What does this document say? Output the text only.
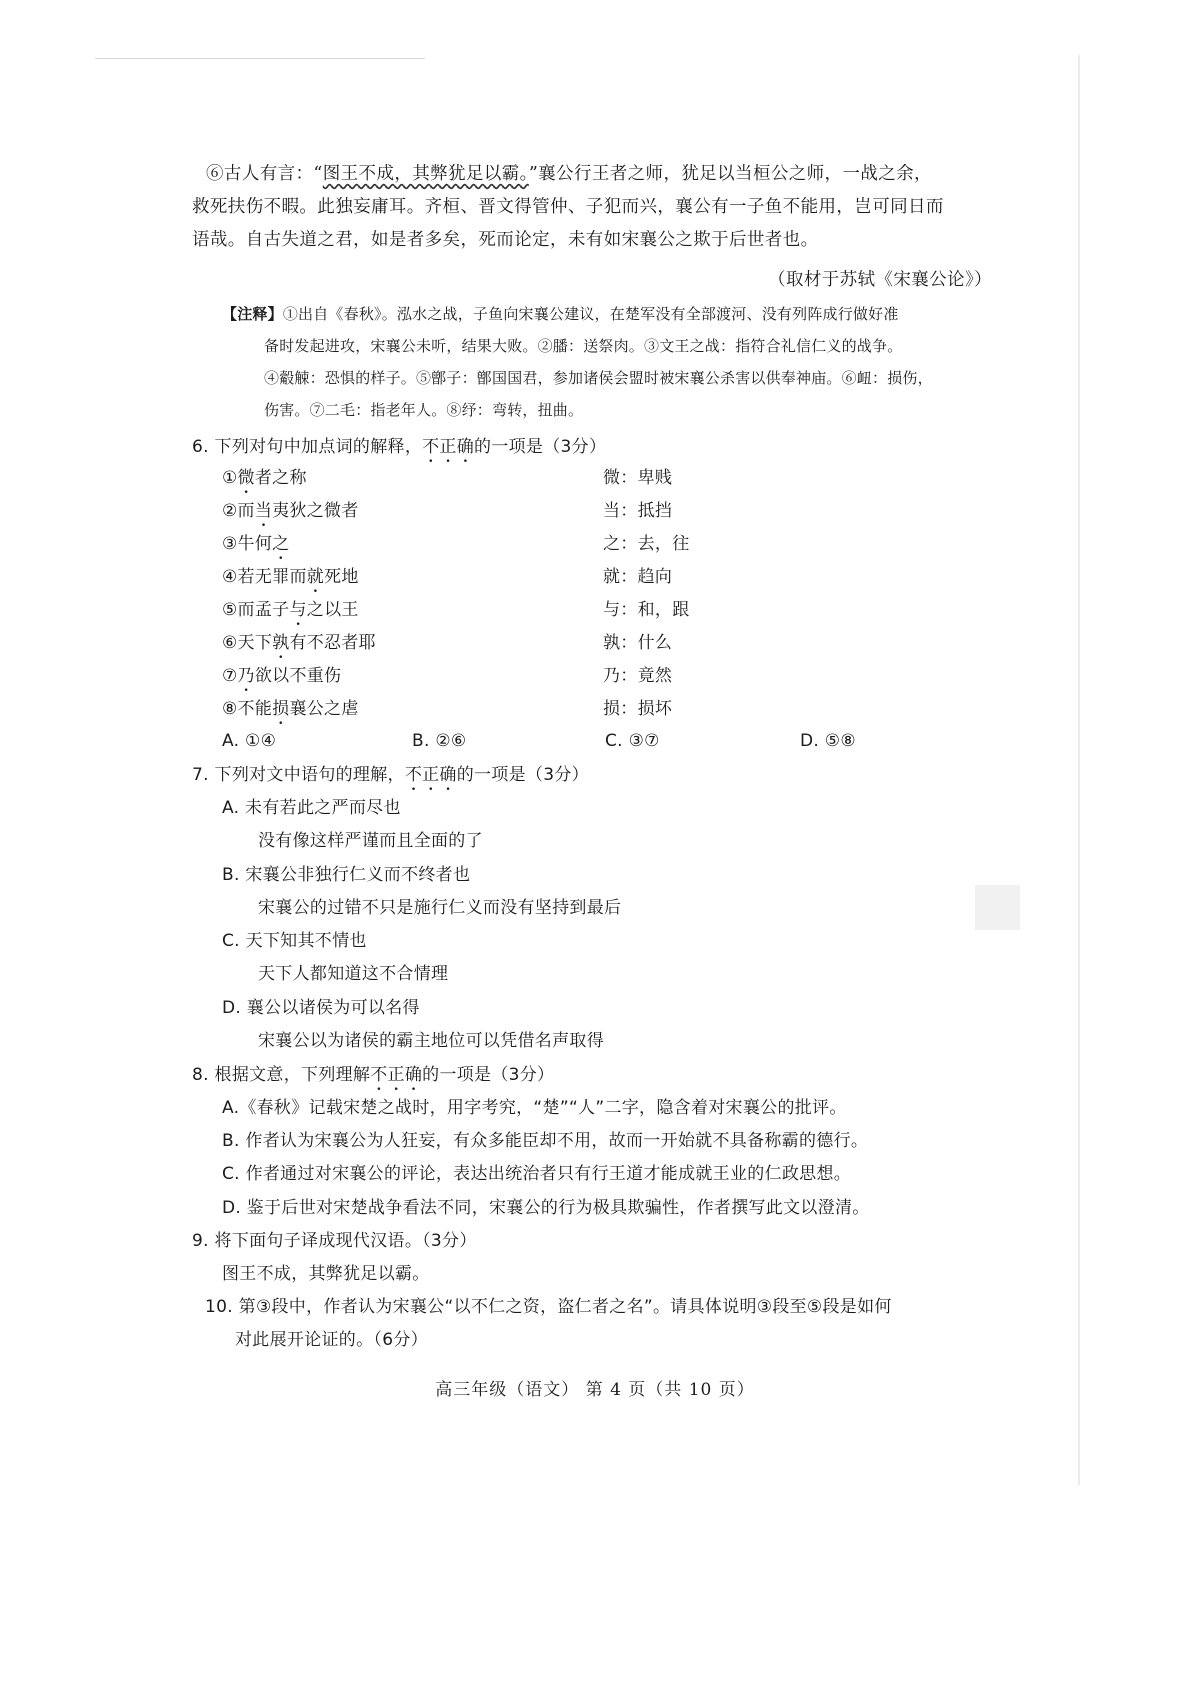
⑥古人有言：“图王不成，其弊犹足以霸。”襄公行王者之师，犹足以当桓公之师，一战之余，
救死扶伤不暇。此独妄庸耳。齐桓、晋文得管仲、子犯而兴，襄公有一子鱼不能用，岂可同日而
语哉。自古失道之君，如是者多矣，死而论定，未有如宋襄公之欺于后世者也。
（取材于苏轼《宋襄公论》）
【注释】①出自《春秋》。泓水之战，子鱼向宋襄公建议，在楚军没有全部渡河、没有列阵成行做好准
备时发起进攻，宋襄公未听，结果大败。②膰：送祭肉。③文王之战：指符合礼信仁义的战争。
④觳觫：恐惧的样子。⑤鄫子：鄫国国君，参加诸侯会盟时被宋襄公杀害以供奉神庙。⑥衄：损伤，
伤害。⑦二毛：指老年人。⑧纾：弯转，扭曲。
6. 下列对句中加点词的解释，不正确的一项是（3分）
①微者之称	微：卑贱
②而当夷狄之微者	当：抵挡
③牛何之	之：去，往
④若无罪而就死地	就：趋向
⑤而孟子与之以王	与：和，跟
⑥天下孰有不忍者耶	孰：什么
⑦乃欲以不重伤	乃：竟然
⑧不能损襄公之虐	损：损坏
A. ①④	B. ②⑥	C. ③⑦	D. ⑤⑧
7. 下列对文中语句的理解，不正确的一项是（3分）
A. 未有若此之严而尽也
没有像这样严谨而且全面的了
B. 宋襄公非独行仁义而不终者也
宋襄公的过错不只是施行仁义而没有坚持到最后
C. 天下知其不情也
天下人都知道这不合情理
D. 襄公以诸侯为可以名得
宋襄公以为诸侯的霸主地位可以凭借名声取得
8. 根据文意，下列理解不正确的一项是（3分）
A.《春秋》记载宋楚之战时，用字考究，“楚”“人”二字，隐含着对宋襄公的批评。
B. 作者认为宋襄公为人狂妄，有众多能臣却不用，故而一开始就不具备称霸的德行。
C. 作者通过对宋襄公的评论，表达出统治者只有行王道才能成就王业的仁政思想。
D. 鉴于后世对宋楚战争看法不同，宋襄公的行为极具欺骗性，作者撰写此文以澄清。
9. 将下面句子译成现代汉语。（3分）
图王不成，其弊犹足以霸。
10. 第③段中，作者认为宋襄公“以不仁之资，盗仁者之名”。请具体说明③段至⑤段是如何
对此展开论证的。（6分）
高三年级（语文） 第 4 页（共 10 页）
